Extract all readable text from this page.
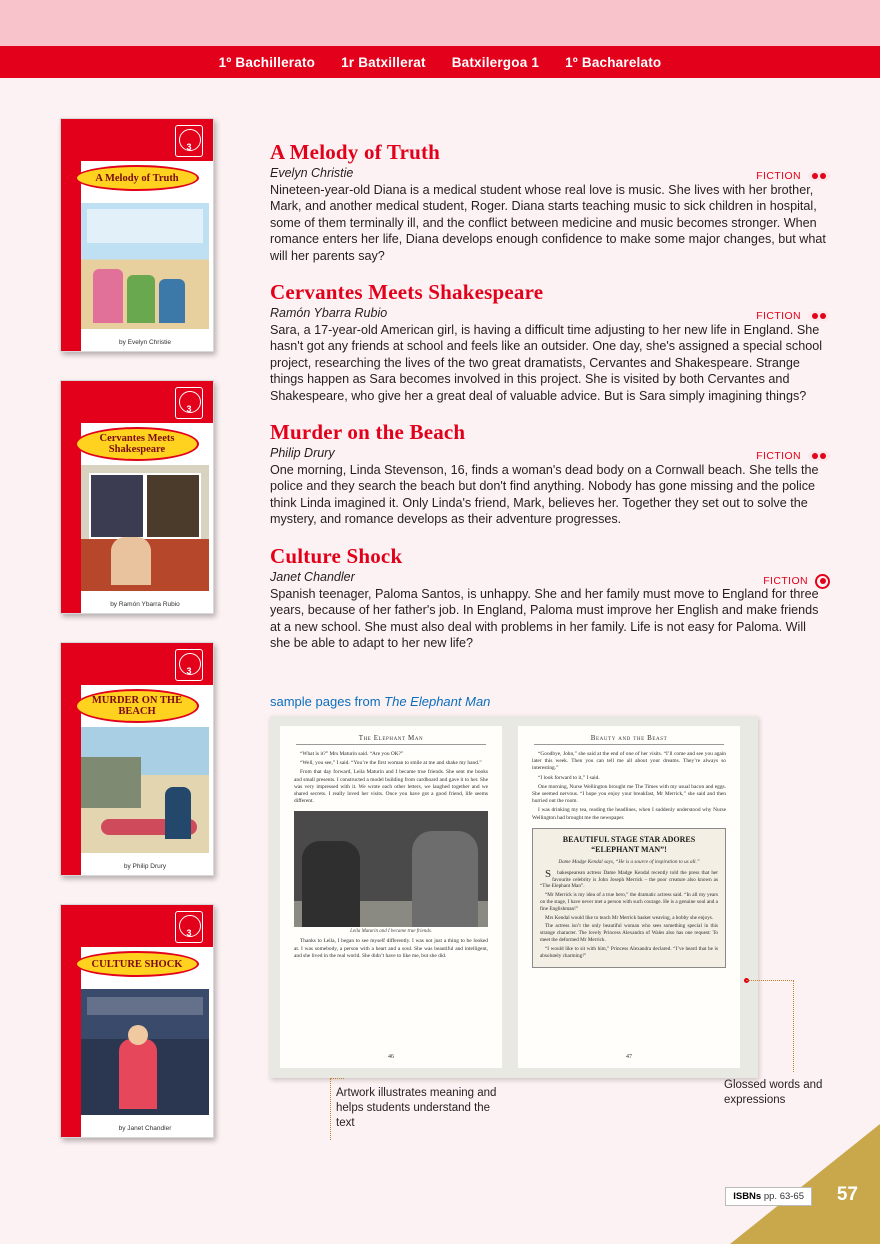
1º Bachillerato 1r Batxillerat Batxilergoa 1 1º Bacharelato
3
A Melody of Truth
by Evelyn Christie
3
Cervantes Meets Shakespeare
by Ramón Ybarra Rubio
3
MURDER ON THE BEACH
by Philip Drury
3
CULTURE SHOCK
by Janet Chandler
A Melody of Truth
Evelyn Christie	FICTION

Nineteen-year-old Diana is a medical student whose real love is music. She lives with her brother, Mark, and another medical student, Roger. Diana starts teaching music to sick children in hospital, some of them terminally ill, and the conflict between medicine and music becomes stronger. When romance enters her life, Diana develops enough confidence to make some major changes, but what will her parents say?

Cervantes Meets Shakespeare
Ramón Ybarra Rubio	FICTION

Sara, a 17-year-old American girl, is having a difficult time adjusting to her new life in England. She hasn't got any friends at school and feels like an outsider. One day, she's assigned a special school project, researching the lives of the two great dramatists, Cervantes and Shakespeare. Strange things happen as Sara becomes involved in this project. She is visited by both Cervantes and Shakespeare, who give her a great deal of valuable advice. But is Sara simply imagining things?

Murder on the Beach
Philip Drury	FICTION

One morning, Linda Stevenson, 16, finds a woman's dead body on a Cornwall beach. She tells the police and they search the beach but don't find anything. Nobody has gone missing and the police think Linda imagined it. Only Linda's friend, Mark, believes her. Together they set out to solve the mystery, and romance develops as their adventure progresses.

Culture Shock
Janet Chandler	FICTION

Spanish teenager, Paloma Santos, is unhappy. She and her family must move to England for three years, because of her father's job. In England, Paloma must improve her English and make friends at a new school. She must also deal with problems in her family. Life is not easy for Paloma. Will she be able to adapt to her new life?

sample pages from The Elephant Man
The Elephant Man

“What is it?” Mrs Maturin said. “Are you OK?”

“Well, you see,” I said. “You’re the first woman to smile at me and shake my hand.”

From that day forward, Leila Maturin and I became true friends. She sent me books and small presents. I constructed a model building from cardboard and gave it to her. She was very impressed with it. We wrote each other letters, we laughed together and we shared secrets. I really loved her visits. Once you have got a good friend, life seems different.

Leila Maturin and I became true friends.

Thanks to Leila, I began to see myself differently. I was not just a thing to be looked at. I was somebody, a person with a heart and a soul. She was beautiful and intelligent, and she lived in the real world. She didn’t have to like me, but she did.

46
Beauty and the Beast

“Goodbye, John,” she said at the end of one of her visits. “I’ll come and see you again later this week. Then you can tell me all about your dreams. They’re always so interesting.”

“I look forward to it,” I said.

One morning, Nurse Wellington brought me The Times with my usual bacon and eggs. She seemed nervous. “I hope you enjoy your breakfast, Mr Merrick,” she said and then hurried out the room.

I was drinking my tea, reading the headlines, when I suddenly understood why Nurse Wellington had brought me the newspaper.

BEAUTIFUL STAGE STAR ADORES “ELEPHANT MAN”!
Dame Madge Kendal says, “He is a source of inspiration to us all.”

S hakespearean actress Dame Madge Kendal recently told the press that her favourite celebrity is John Joseph Merrick – the poor creature also known as “The Elephant Man”.

“Mr Merrick is my idea of a true hero,” the dramatic actress said. “In all my years on the stage, I have never met a person with such courage. He is a genuine soul and a fine Englishman!”

Mrs Kendal would like to teach Mr Merrick basket weaving, a hobby she enjoys.

The actress isn’t the only beautiful woman who sees something special in this strange character. The lovely Princess Alexandra of Wales also has one request: To meet the deformed Mr Merrick.

“I would like to sit with him,” Princess Alexandra declared. “I’ve heard that he is absolutely charming!”

47
Artwork illustrates meaning and helps students understand the text
Glossed words and expressions
ISBNs pp. 63-65	57
